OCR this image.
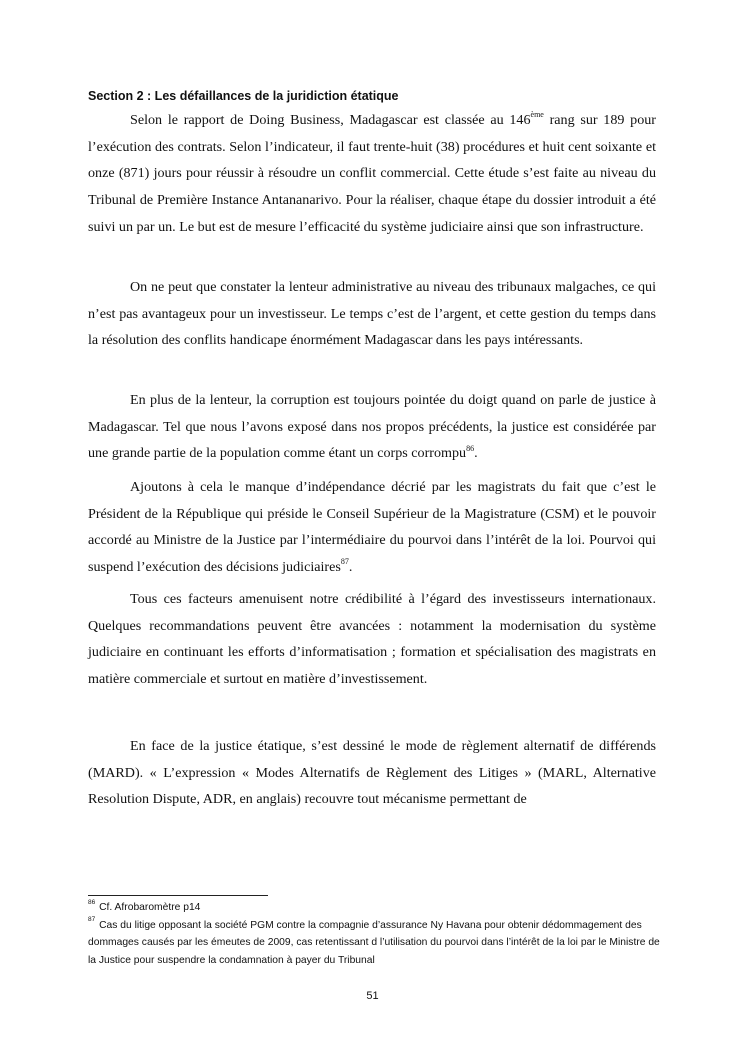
Section 2 : Les défaillances de la juridiction étatique

Selon le rapport de Doing Business, Madagascar est classée au 146ème rang sur 189 pour l’exécution des contrats. Selon l’indicateur, il faut trente-huit (38) procédures et huit cent soixante et onze (871) jours pour réussir à résoudre un conflit commercial. Cette étude s’est faite au niveau du Tribunal de Première Instance Antananarivo. Pour la réaliser, chaque étape du dossier introduit a été suivi un par un. Le but est de mesure l’efficacité du système judiciaire ainsi que son infrastructure.

On ne peut que constater la lenteur administrative au niveau des tribunaux malgaches, ce qui n’est pas avantageux pour un investisseur. Le temps c’est de l’argent, et cette gestion du temps dans la résolution des conflits handicape énormément Madagascar dans les pays intéressants.

En plus de la lenteur, la corruption est toujours pointée du doigt quand on parle de justice à Madagascar. Tel que nous l’avons exposé dans nos propos précédents, la justice est considérée par une grande partie de la population comme étant un corps corrompu$^{86}$.

Ajoutons à cela le manque d’indépendance décrié par les magistrats du fait que c’est le Président de la République qui préside le Conseil Supérieur de la Magistrature (CSM) et le pouvoir accordé au Ministre de la Justice par l’intermédiaire du pourvoi dans l’intérêt de la loi. Pourvoi qui suspend l’exécution des décisions judiciaires$^{87}$.

Tous ces facteurs amenuisent notre crédibilité à l’égard des investisseurs internationaux. Quelques recommandations peuvent être avancées : notamment la modernisation du système judiciaire en continuant les efforts d’informatisation ; formation et spécialisation des magistrats en matière commerciale et surtout en matière d’investissement.

En face de la justice étatique, s’est dessiné le mode de règlement alternatif de différends (MARD). « L’expression « Modes Alternatifs de Règlement des Litiges » (MARL, Alternative Resolution Dispute, ADR, en anglais) recouvre tout mécanisme permettant de

$^{86}$ Cf. Afrobaromètre p14

$^{87}$ Cas du litige opposant la société PGM contre la compagnie d’assurance Ny Havana pour obtenir dédommagement des dommages causés par les émeutes de 2009, cas retentissant d l’utilisation du pourvoi dans l’intérêt de la loi par le Ministre de la Justice pour suspendre la condamnation à payer du Tribunal

51
